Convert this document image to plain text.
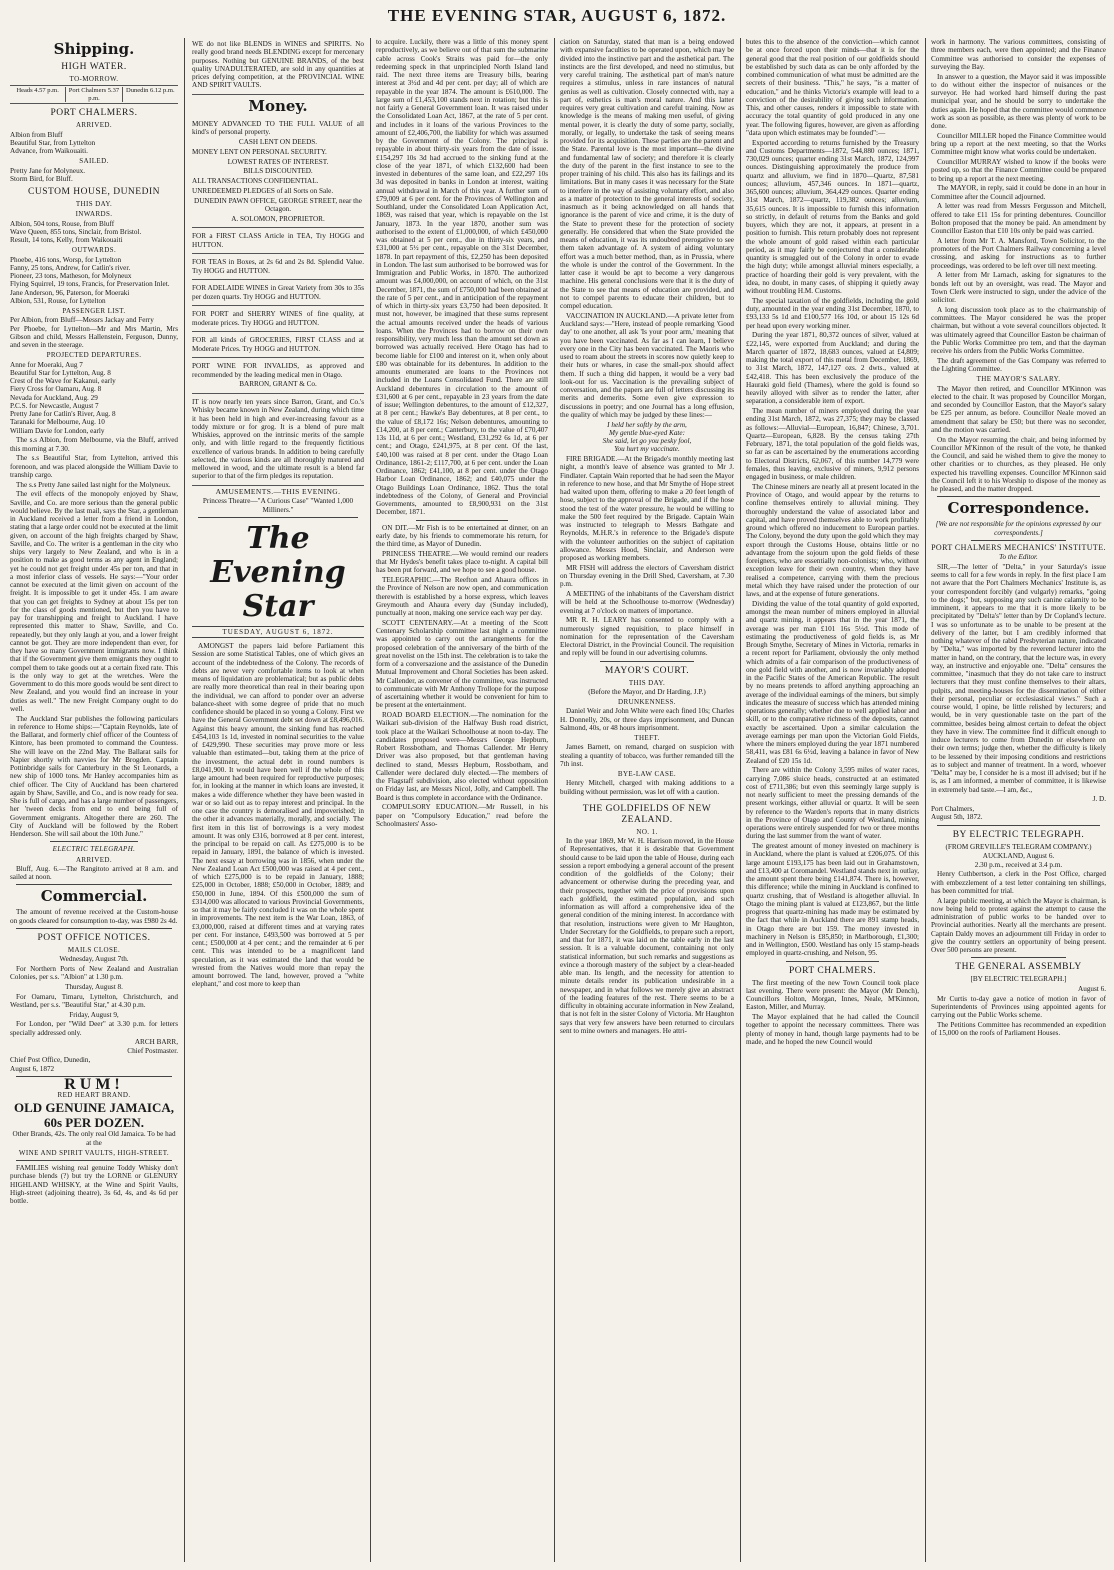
THE EVENING STAR, AUGUST 6, 1872.
Shipping.
HIGH WATER.
TO-MORROW.
Heads 4.57 p.m.	Port Chalmers 5.37 p.m.
Dunedin 6.12 p.m.
PORT CHALMERS.
ARRIVED.

Albion from Bluff
Beautiful Star, from Lyttelton
Advance, from Waikouaiti.

SAILED.

Pretty Jane for Molyneux.
Storm Bird, for Bluff.

CUSTOM HOUSE, DUNEDIN
THIS DAY.
INWARDS.

Albion, 504 tons, Rouse, from Bluff
Wave Queen, 855 tons, Sinclair, from Bristol.
Result, 14 tons, Kelly, from Waikouaiti

OUTWARDS.

Phoebe, 416 tons, Worsp, for Lyttelton
Fanny, 25 tons, Andrew, for Catlin's river.
Pioneer, 23 tons, Matheson, for Molyneux
Flying Squirrel, 19 tons, Francis, for Preservation Inlet.
Jane Anderson, 96, Paterson, for Moeraki
Albion, 531, Rouse, for Lyttelton

PASSENGER LIST.

Per Albion, from Bluff—Messrs Jackay and Ferry
Per Phoebe, for Lyttelton—Mr and Mrs Martin, Mrs Gibson and child, Messrs Hallenstein, Ferguson, Dunny, and seven in the steerage.

PROJECTED DEPARTURES.

Anne for Moeraki, Aug 7
Beautiful Star for Lyttelton, Aug. 8
Crest of the Wave for Kakanui, early
Fiery Cross for Oamaru, Aug. 8
Nevada for Auckland, Aug. 29
P.C.S. for Newcastle, August 7
Pretty Jane for Catlin's River, Aug. 8
Taranaki for Melbourne, Aug. 10
William Davie for London, early

The s.s Albion, from Melbourne, via the Bluff, arrived this morning at 7.30.

The s.s Beautiful Star, from Lyttelton, arrived this forenoon, and was placed alongside the William Davie to tranship cargo.

The s.s Pretty Jane sailed last night for the Molyneux.

The evil effects of the monopoly enjoyed by Shaw, Saville, and Co. are more serious than the general public would believe. By the last mail, says the Star, a gentleman in Auckland received a letter from a friend in London, stating that a large order could not be executed at the limit given, on account of the high freights charged by Shaw, Saville, and Co. The writer is a gentleman in the city who ships very largely to New Zealand, and who is in a position to make as good terms as any agent in England; yet he could not get freight under 45s per ton, and that in a most inferior class of vessels. He says:—"Your order cannot be executed at the limit given on account of the freight. It is impossible to get it under 45s. I am aware that you can get freights to Sydney at about 15s per ton for the class of goods mentioned, but then you have to pay for transhipping and freight to Auckland. I have represented this matter to Shaw, Saville, and Co. repeatedly, but they only laugh at you, and a lower freight cannot be got. They are more independent than ever, for they have so many Government immigrants now. I think that if the Government give them emigrants they ought to compel them to take goods out at a certain fixed rate. This is the only way to get at the wretches. Were the Government to do this more goods would be sent direct to New Zealand, and you would find an increase in your duties as well." The new Freight Company ought to do well.

The Auckland Star publishes the following particulars in reference to Home ships:—"Captain Reynolds, late of the Ballarat, and formerly chief officer of the Countess of Kintore, has been promoted to command the Countess. She will leave on the 22nd May. The Ballarat sails for Napier shortly with navvies for Mr Brogden. Captain Pottinbridge sails for Canterbury in the St Leonards, a new ship of 1000 tons. Mr Hanley accompanies him as chief officer. The City of Auckland has been chartered again by Shaw, Saville, and Co., and is now ready for sea. She is full of cargo, and has a large number of passengers, her 'tween decks from end to end being full of Government emigrants. Altogether there are 260. The City of Auckland will be followed by the Robert Henderson. She will sail about the 10th June."

ELECTRIC TELEGRAPH.
ARRIVED.

Bluff, Aug. 6.—The Rangitoto arrived at 8 a.m. and sailed at noon.

Commercial.

The amount of revenue received at the Custom-house on goods cleared for consumption to-day, was £980 2s 4d.

POST OFFICE NOTICES.
MAILS CLOSE.

Wednesday, August 7th.

For Northern Ports of New Zealand and Australian Colonies, per s.s. "Albion" at 1.30 p.m.

Thursday, August 8.

For Oamaru, Timaru, Lyttelton, Christchurch, and Westland, per s.s. "Beautiful Star," at 4.30 p.m.

Friday, August 9,

For London, per "Wild Deer" at 3.30 p.m. for letters specially addressed only.

ARCH BARR,
Chief Postmaster.

Chief Post Office, Dunedin,
August 6, 1872

RUM!
RED HEART BRAND.
OLD GENUINE JAMAICA,
60s PER DOZEN.

Other Brands, 42s. The only real Old Jamaica. To be had at the

WINE AND SPIRIT VAULTS, HIGH-STREET.

FAMILIES wishing real genuine Toddy Whisky don't purchase blends (?) but try the LORNE or GLENURY HIGHLAND WHISKY, at the Wine and Spirit Vaults, High-street (adjoining theatre), 3s 6d, 4s, and 4s 6d per bottle.

WE do not like BLENDS in WINES and SPIRITS. No really good brand needs BLENDING except for mercenary purposes. Nothing but GENUINE BRANDS, of the best quality UNADULTERATED, are sold in any quantities at prices defying competition, at the PROVINCIAL WINE AND SPIRIT VAULTS.

Money.

MONEY ADVANCED TO THE FULL VALUE of all kind's of personal property.

CASH LENT ON DEEDS.

MONEY LENT ON PERSONAL SECURITY.

LOWEST RATES OF INTEREST.

BILLS DISCOUNTED.

ALL TRANSACTIONS CONFIDENTIAL.

UNREDEEMED PLEDGES of all Sorts on Sale.

DUNEDIN PAWN OFFICE, GEORGE STREET, near the Octagon.

A. SOLOMON, PROPRIETOR.

FOR a FIRST CLASS Article in TEA, Try HOGG and HUTTON.

FOR TEAS in Boxes, at 2s 6d and 2s 8d. Splendid Value. Try HOGG and HUTTON.

FOR ADELAIDE WINES in Great Variety from 30s to 35s per dozen quarts. Try HOGG and HUTTON.

FOR PORT and SHERRY WINES of fine quality, at moderate prices. Try HOGG and HUTTON.

FOR all kinds of GROCERIES, FIRST CLASS and at Moderate Prices. Try HOGG and HUTTON.

PORT WINE FOR INVALIDS, as approved and recommended by the leading medical men in Otago.

BARRON, GRANT & Co.

IT is now nearly ten years since Barron, Grant, and Co.'s Whisky became known in New Zealand, during which time it has been held in high and ever-increasing favour as a toddy mixture or for grog. It is a blend of pure malt Whiskies, approved on the intrinsic merits of the sample only, and with little regard to the frequently fictitious excellence of various brands. In addition to being carefully selected, the various kinds are all thoroughly matured and mellowed in wood, and the ultimate result is a blend far superior to that of the firm pledges its reputation.

AMUSEMENTS.—THIS EVENING.

Princess Theatre—"A Curious Case" "Wanted 1,000 Milliners."

The Evening Star
TUESDAY, AUGUST 6, 1872.

AMONGST the papers laid before Parliament this Session are some Statistical Tables, one of which gives an account of the indebtedness of the Colony. The records of debts are never very comfortable items to look at when means of liquidation are problematical; but as public debts are really more theoretical than real in their bearing upon the individual, we can afford to ponder over an adverse balance-sheet with some degree of pride that no much confidence should be placed in so young a Colony. First we have the General Government debt set down at £8,496,016. Against this heavy amount, the sinking fund has reached £454,103 1s 1d, invested in nominal securities to the value of £429,990. These securities may prove more or less valuable than estimated—but, taking them at the price of the investment, the actual debt in round numbers is £8,041,900. It would have been well if the whole of this large amount had been required for reproductive purposes; for, in looking at the manner in which loans are invested, it makes a wide difference whether they have been wasted in war or so laid out as to repay interest and principal. In the one case the country is demoralised and impoverished; in the other it advances materially, morally, and socially. The first item in this list of borrowings is a very modest amount. It was only £316, borrowed at 8 per cent. interest, the principal to be repaid on call. As £275,000 is to be repaid in January, 1891, the balance of which is invested. The next essay at borrowing was in 1856, when under the New Zealand Loan Act £500,000 was raised at 4 per cent., of which £275,000 is to be repaid in January, 1888; £25,000 in October, 1888; £50,000 in October, 1889; and £50,000 in June, 1894. Of this £500,000 the sum of £314,000 was allocated to various Provincial Governments, so that it may be fairly concluded it was on the whole spent in improvements. The next item is the War Loan, 1863, of £3,000,000, raised at different times and at varying rates per cent. For instance, £493,500 was borrowed at 5 per cent.; £500,000 at 4 per cent.; and the remainder at 6 per cent. This was intended to be a magnificent land speculation, as it was estimated the land that would be wrested from the Natives would more than repay the amount borrowed. The land, however, proved a "white elephant," and cost more to keep than

to acquire. Luckily, there was a little of this money spent reproductively, as we believe out of that sum the submarine cable across Cook's Straits was paid for—the only redeeming speck in that unprincipled North Island land raid. The next three items are Treasury bills, bearing interest at 3½d and 4d per cent. per day; all of which are repayable in the year 1874. The amount is £610,000. The large sum of £1,453,100 stands next in rotation; but this is not fairly a General Government loan. It was raised under the Consolidated Loan Act, 1867, at the rate of 5 per cent. and includes in it loans of the various Provinces to the amount of £2,406,700, the liability for which was assumed by the Government of the Colony. The principal is repayable in about thirty-six years from the date of issue. £154,297 10s 3d had accrued to the sinking fund at the close of the year 1871, of which £132,600 had been invested in debentures of the same loan, and £22,297 10s 3d was deposited in banks in London at interest, waiting annual withdrawal in March of this year. A further sum of £79,009 at 6 per cent. for the Provinces of Wellington and Southland, under the Consolidated Loan Application Act, 1869, was raised that year, which is repayable on the 1st January, 1873. In the year 1870, another sum was authorised to the extent of £1,000,000, of which £450,000 was obtained at 5 per cent., due in thirty-six years, and £31,000 at 5½ per cent., repayable on the 31st December, 1878. In part repayment of this, £2,250 has been deposited in London. The last sum authorised to be borrowed was for Immigration and Public Works, in 1870. The authorized amount was £4,000,000, on account of which, on the 31st December, 1871, the sum of £750,000 had been obtained at the rate of 5 per cent., and in anticipation of the repayment of which in thirty-six years £3,750 had been deposited. It must not, however, be imagined that these sums represent the actual amounts received under the heads of various loans. When the Provinces had to borrow on their own responsibility, very much less than the amount set down as borrowed was actually received. Here Otago has had to become liable for £100 and interest on it, when only about £80 was obtainable for its debentures. In addition to the amounts enumerated are loans to the Provinces not included in the Loans Consolidated Fund. There are still Auckland debentures in circulation to the amount of £31,600 at 6 per cent., repayable in 23 years from the date of issue; Wellington debentures, to the amount of £12,327, at 8 per cent.; Hawke's Bay debentures, at 8 per cent., to the value of £8,172 16s; Nelson debentures, amounting to £14,200, at 8 per cent.; Canterbury, to the value of £70,407 13s 11d, at 6 per cent.; Westland, £31,292 6s 1d, at 6 per cent.; and Otago, £241,975, at 8 per cent. Of the last, £40,100 was raised at 8 per cent. under the Otago Loan Ordinance, 1861-2; £117,700, at 6 per cent. under the Loan Ordinance, 1862; £41,100, at 8 per cent. under the Otago Harbor Loan Ordinance, 1862; and £40,075 under the Otago Buildings Loan Ordinance, 1862. Thus the total indebtedness of the Colony, of General and Provincial Governments, amounted to £8,900,931 on the 31st December, 1871.

ON DIT.—Mr Fish is to be entertained at dinner, on an early date, by his friends to commemorate his return, for the third time, as Mayor of Dunedin.

PRINCESS THEATRE.—We would remind our readers that Mr Hydes's benefit takes place to-night. A capital bill has been put forward, and we hope to see a good house.

TELEGRAPHIC.—The Reefton and Ahaura offices in the Province of Nelson are now open, and communication therewith is established by a horse express, which leaves Greymouth and Ahaura every day (Sunday included), punctually at noon, making one service each way per day.

SCOTT CENTENARY.—At a meeting of the Scott Centenary Scholarship committee last night a committee was appointed to carry out the arrangements for the proposed celebration of the anniversary of the birth of the great novelist on the 15th inst. The celebration is to take the form of a conversazione and the assistance of the Dunedin Mutual Improvement and Choral Societies has been asked. Mr Callender, as convener of the committee, was instructed to communicate with Mr Anthony Trollope for the purpose of ascertaining whether it would be convenient for him to be present at the entertainment.

ROAD BOARD ELECTION.—The nomination for the Waikari sub-division of the Halfway Bush road district, took place at the Waikari Schoolhouse at noon to-day. The candidates proposed were—Messrs George Hepburn, Robert Rossbotham, and Thomas Callender. Mr Henry Driver was also proposed, but that gentleman having declined to stand, Messrs Hepburn, Rossbotham, and Callender were declared duly elected.—The members of the Flagstaff subdivision, also elected without opposition on Friday last, are Messrs Nicol, Jolly, and Campbell. The Board is thus complete in accordance with the Ordinance.

COMPULSORY EDUCATION.—Mr Russell, in his paper on "Compulsory Education," read before the Schoolmasters' Asso-

ciation on Saturday, stated that man is a being endowed with expansive faculties to be operated upon, which may be divided into the instinctive part and the æsthetical part. The instincts are the first developed, and need no stimulus, but very careful training. The æsthetical part of man's nature requires a stimulus, unless in rare instances of natural genius as well as cultivation. Closely connected with, nay a part of, esthetics is man's moral nature. And this latter requires very great cultivation and careful training. Now as knowledge is the means of making men useful, of giving mental power, it is clearly the duty of some party, socially, morally, or legally, to undertake the task of seeing means provided for its acquisition. These parties are the parent and the State. Parental love is the most important—the divine and fundamental law of society; and therefore it is clearly the duty of the parent in the first instance to see to the proper training of his child. This also has its failings and its limitations. But in many cases it was necessary for the State to interfere in the way of assisting voluntary effort, and also as a matter of protection to the general interests of society, inasmuch as it being acknowledged on all hands that ignorance is the parent of vice and crime, it is the duty of the State to prevent these for the protection of society generally. He considered that when the State provided the means of education, it was its undoubted prerogative to see them taken advantage of. A system of aiding voluntary effort was a much better method, than, as in Prussia, where the whole is under the control of the Government. In the latter case it would be apt to become a very dangerous machine. His general conclusions were that it is the duty of the State to see that means of education are provided, and not to compel parents to educate their children, but to compel education.

VACCINATION IN AUCKLAND.—A private letter from Auckland says:—"Here, instead of people remarking 'Good day' to one another, all ask 'Is your poor arm,' meaning that you have been vaccinated. As far as I can learn, I believe every one in the City has been vaccinated. The Maoris who used to roam about the streets in scores now quietly keep to their huts or whares, in case the small-pox should affect them. If such a thing did happen, it would be a very bad look-out for us. Vaccination is the prevailing subject of conversation, and the papers are full of letters discussing its merits and demerits. Some even give expression to discussions in poetry; and one Journal has a long effusion, the quality of which may be judged by these lines:—

I held her softly by the arm,
My gentle blue-eyed Kate:
She said, let go you pesky fool,
You hurt my vaccinate.

FIRE BRIGADE.—At the Brigade's monthly meeting last night, a month's leave of absence was granted to Mr J. Findlater. Captain Wain reported that he had seen the Mayor in reference to new hose, and that Mr Smythe of Hope street had waited upon them, offering to make a 20 feet length of hose, subject to the approval of the Brigade, and if the hose stood the test of the water pressure, he would be willing to make the 500 feet required by the Brigade. Captain Wain was instructed to telegraph to Messrs Bathgate and Reynolds, M.H.R.'s in reference to the Brigade's dispute with the volunteer authorities on the subject of capitation allowance. Messrs Hood, Sinclair, and Anderson were proposed as working members.

MR FISH will address the electors of Caversham district on Thursday evening in the Drill Shed, Caversham, at 7.30 p.m.

A MEETING of the inhabitants of the Caversham district will be held at the Schoolhouse to-morrow (Wednesday) evening at 7 o'clock on matters of importance.

MR R. H. LEARY has consented to comply with a numerously signed requisition, to place himself in nomination for the representation of the Caversham Electoral District, in the Provincial Council. The requisition and reply will be found in our advertising columns.

MAYOR'S COURT.
THIS DAY.

(Before the Mayor, and Dr Harding, J.P.)

DRUNKENNESS.

Daniel Weir and John White were each fined 10s; Charles H. Donnelly, 20s, or three days imprisonment, and Duncan Salmond, 40s, or 48 hours imprisonment.

THEFT.

James Barnett, on remand, charged on suspicion with stealing a quantity of tobacco, was further remanded till the 7th inst.

BYE-LAW CASE.

Henry Mitchell, charged with making additions to a building without permission, was let off with a caution.

THE GOLDFIELDS OF NEW ZEALAND.
NO. 1.

In the year 1869, Mr W. H. Harrison moved, in the House of Representatives, that it is desirable that Government should cause to be laid upon the table of House, during each session a report embodying a general account of the present condition of the goldfields of the Colony; their advancement or otherwise during the preceding year, and their prospects, together with the price of provisions upon each goldfield, the estimated population, and such information as will afford a comprehensive idea of the general condition of the mining interest. In accordance with that resolution, instructions were given to Mr Haughton, Under Secretary for the Goldfields, to prepare such a report, and that for 1871, it was laid on the table early in the last session. It is a valuable document, containing not only statistical information, but such remarks and suggestions as evince a thorough mastery of the subject by a clear-headed able man. Its length, and the necessity for attention to minute details render its publication undesirable in a newspaper, and in what follows we merely give an abstract of the leading features of the rest. There seems to be a difficulty in obtaining accurate information in New Zealand, that is not felt in the sister Colony of Victoria. Mr Haughton says that very few answers have been returned to circulars sent to mine owners and managers. He attri-

butes this to the absence of the conviction—which cannot be at once forced upon their minds—that it is for the general good that the real position of our goldfields should be established by such data as can be only afforded by the combined communication of what must be admitted are the secrets of their business. "This," he says, "is a matter of education," and he thinks Victoria's example will lead to a conviction of the desirability of giving such information. This, and other causes, renders it impossible to state with accuracy the total quantity of gold produced in any one year. The following figures, however, are given as affording "data upon which estimates may be founded":—

Exported according to returns furnished by the Treasury and Customs Departments—1872, 544,880 ounces; 1871, 730,029 ounces; quarter ending 31st March, 1872, 124,997 ounces. Distinguishing approximately the produce from quartz and alluvium, we find in 1870—Quartz, 87,581 ounces; alluvium, 457,346 ounces. In 1871—quartz, 365,600 ounces; alluvium, 364,429 ounces. Quarter ending 31st March, 1872—quartz, 119,382 ounces; alluvium, 35,615 ounces. It is impossible to furnish this information so strictly, in default of returns from the Banks and gold buyers, which they are not, it appears, at present in a position to furnish. This return probably does not represent the whole amount of gold raised within each particular period, as it may fairly be conjectured that a considerable quantity is smuggled out of the Colony in order to evade the high duty; while amongst alluvial miners especially, a practice of hoarding their gold is very prevalent, with the idea, no doubt, in many cases, of shipping it quietly away without troubling H.M. Customs.

The special taxation of the goldfields, including the gold duty, amounted in the year ending 31st December, 1870, to £93,133 5s 1d and £100,577 16s 10d, or about 15 12s 6d per head upon every working miner.

During the year 1871, 80,372 ounces of silver, valued at £22,145, were exported from Auckland; and during the March quarter of 1872, 18,683 ounces, valued at £4,809; making the total export of this metal from December, 1869, to 31st March, 1872, 147,127 ozs. 2 dwts., valued at £42,418. This has been exclusively the produce of the Hauraki gold field (Thames), where the gold is found so heavily alloyed with silver as to render the latter, after separation, a considerable item of export.

The mean number of miners employed during the year ending 31st March, 1872, was 27,375; they may be classed as follows:—Alluvial—European, 16,847; Chinese, 3,701. Quartz—European, 6,828. By the census taking 27th February, 1871, the total population of the gold fields was, so far as can be ascertained by the enumerations according to Electoral Districts, 62,067, of this number 14,779 were females, thus leaving, exclusive of miners, 9,912 persons engaged in business, or male children.

The Chinese miners are nearly all at present located in the Province of Otago, and would appear by the returns to confine themselves entirely to alluvial mining. They thoroughly understand the value of associated labor and capital, and have proved themselves able to work profitably ground which offered no inducement to European parties. The Colony, beyond the duty upon the gold which they may export through the Customs House, obtains little or no advantage from the sojourn upon the gold fields of these foreigners, who are essentially non-colonists; who, without exception leave for their own country, when they have realised a competence, carrying with them the precious metal which they have raised under the protection of our laws, and at the expense of future generations.

Dividing the value of the total quantity of gold exported, amongst the mean number of miners employed in alluvial and quartz mining, it appears that in the year 1871, the average was per man £101 16s 5½d. This mode of estimating the productiveness of gold fields is, as Mr Brough Smythe, Secretary of Mines in Victoria, remarks in a recent report for Parliament, obviously the only method which admits of a fair comparison of the productiveness of one gold field with another, and is now invariably adopted in the Pacific States of the American Republic. The result by no means pretends to afford anything approaching an average of the individual earnings of the miners, but simply indicates the measure of success which has attended mining operations generally; whether due to well applied labor and skill, or to the comparative richness of the deposits, cannot exactly be ascertained. Upon a similar calculation the average earnings per man upon the Victorian Gold Fields, where the miners employed during the year 1871 numbered 58,411, was £81 6s 6½d, leaving a balance in favor of New Zealand of £20 15s 1d.

There are within the Colony 3,595 miles of water races, carrying 7,086 sluice heads, constructed at an estimated cost of £711,386; but even this seemingly large supply is not nearly sufficient to meet the pressing demands of the present workings, either alluvial or quartz. It will be seen by reference to the Warden's reports that in many districts in the Province of Otago and County of Westland, mining operations were entirely suspended for two or three months during the last summer from the want of water.

The greatest amount of money invested on machinery is in Auckland, where the plant is valued at £206,075. Of this large amount £193,175 has been laid out in Grahamstown, and £13,400 at Coromandel. Westland stands next in outlay, the amount spent there being £141,874. There is, however, this difference; while the mining in Auckland is confined to quartz crushing, that of Westland is altogether alluvial. In Otago the mining plant is valued at £123,867, but the little progress that quartz-mining has made may be estimated by the fact that while in Auckland there are 891 stamp heads, in Otago there are but 159. The money invested in machinery in Nelson is £85,850; in Marlborough, £1,300; and in Wellington, £500. Westland has only 15 stamp-heads employed in quartz-crushing, and Nelson, 95.

PORT CHALMERS.

The first meeting of the new Town Council took place last evening. There were present: the Mayor (Mr Dench), Councillors Holton, Morgan, Innes, Neale, M'Kinnon, Easton, Miller, and Murray.

The Mayor explained that he had called the Council together to appoint the necessary committees. There was plenty of money in hand, though large payments had to be made, and he hoped the new Council would

work in harmony. The various committees, consisting of three members each, were then appointed; and the Finance Committee was authorised to consider the expenses of surveying the Bay.

In answer to a question, the Mayor said it was impossible to do without either the inspector of nuisances or the surveyor. He had worked hard himself during the past municipal year, and he should be sorry to undertake the duties again. He hoped that the committee would commence work as soon as possible, as there was plenty of work to be done.

Councillor MILLER hoped the Finance Committee would bring up a report at the next meeting, so that the Works Committee might know what works could be undertaken.

Councillor MURRAY wished to know if the books were posted up, so that the Finance Committee could be prepared to bring up a report at the next meeting.

The MAYOR, in reply, said it could be done in an hour in Committee after the Council adjourned.

A letter was read from Messrs Fergusson and Mitchell, offered to take £11 15s for printing debentures. Councillor Bolton proposed that the money be paid. An amendment by Councillor Easton that £10 10s only be paid was carried.

A letter from Mr T. A. Mansford, Town Solicitor, to the promoters of the Port Chalmers Railway concerning a level crossing, and asking for instructions as to further proceedings, was ordered to be left over till next meeting.

A letter from Mr Larnach, asking for signatures to the bonds left out by an oversight, was read. The Mayor and Town Clerk were instructed to sign, under the advice of the solicitor.

A long discussion took place as to the chairmanship of committees. The Mayor considered he was the proper chairman, but without a vote several councillors objected. It was ultimately agreed that Councillor Easton be chairman of the Public Works Committee pro tem, and that the dayman receive his orders from the Public Works Committee.

The draft agreement of the Gas Company was referred to the Lighting Committee.

THE MAYOR'S SALARY.

The Mayor then retired, and Councillor M'Kinnon was elected to the chair. It was proposed by Councillor Morgan, and seconded by Councillor Easton, that the Mayor's salary be £25 per annum, as before. Councillor Neale moved an amendment that salary be £50; but there was no seconder, and the motion was carried.

On the Mayor resuming the chair, and being informed by Councillor M'Kinnon of the result of the vote, he thanked the Council, and said he wished them to give the money to other charities or to churches, as they pleased. He only expected his travelling expenses. Councillor M'Kinnon said the Council left it to his Worship to dispose of the money as he pleased, and the matter dropped.

Correspondence.

[We are not responsible for the opinions expressed by our correspondents.]

PORT CHALMERS MECHANICS' INSTITUTE.

To the Editor.

SIR,—The letter of "Delta," in your Saturday's issue seems to call for a few words in reply. In the first place I am not aware that the Port Chalmers Mechanics' Institute is, as your correspondent forcibly (and vulgarly) remarks, "going to the dogs;" but, supposing any such canine calamity to be imminent, it appears to me that it is more likely to be precipitated by "Delta's" letter than by Dr Copland's lecture. I was so unfortunate as to be unable to be present at the delivery of the latter, but I am credibly informed that nothing whatever of the rabid Presbyterian nature, indicated by "Delta," was imported by the reverend lecturer into the matter in hand, on the contrary, that the lecture was, in every way, an instructive and enjoyable one. "Delta" censures the committee, "inasmuch that they do not take care to instruct lecturers that they must confine themselves to their altars, pulpits, and meeting-houses for the dissemination of either their personal, peculiar or ecclesiastical views." Such a course would, I opine, be little relished by lecturers; and would, be in very questionable taste on the part of the committee, besides being almost certain to defeat the object they have in view. The committee find it difficult enough to induce lecturers to come from Dunedin or elsewhere on their own terms; judge then, whether the difficulty is likely to be lessened by their imposing conditions and restrictions as to subject and manner of treatment. In a word, whoever "Delta" may be, I consider he is a most ill advised; but if he is, as I am informed, a member of committee, it is likewise in extremely bad taste.—I am, &c.,

J. D.

Port Chalmers,
August 5th, 1872.

BY ELECTRIC TELEGRAPH.

(FROM GREVILLE'S TELEGRAM COMPANY.)

AUCKLAND, August 6.
2.30 p.m., received at 3.4 p.m.

Henry Cuthbertson, a clerk in the Post Office, charged with embezzlement of a test letter containing ten shillings, has been committed for trial.

A large public meeting, at which the Mayor is chairman, is now being held to protest against the attempt to cause the administration of public works to be handed over to Provincial authorities. Nearly all the merchants are present. Captain Daldy moves an adjournment till Friday in order to give the country settlers an opportunity of being present. Over 500 persons are present.

THE GENERAL ASSEMBLY

[BY ELECTRIC TELEGRAPH.]

August 6.

Mr Curtis to-day gave a notice of motion in favor of Superintendents of Provinces using appointed agents for carrying out the Public Works scheme.

The Petitions Committee has recommended an expedition of 15,000 on the roofs of Parliament Houses.
